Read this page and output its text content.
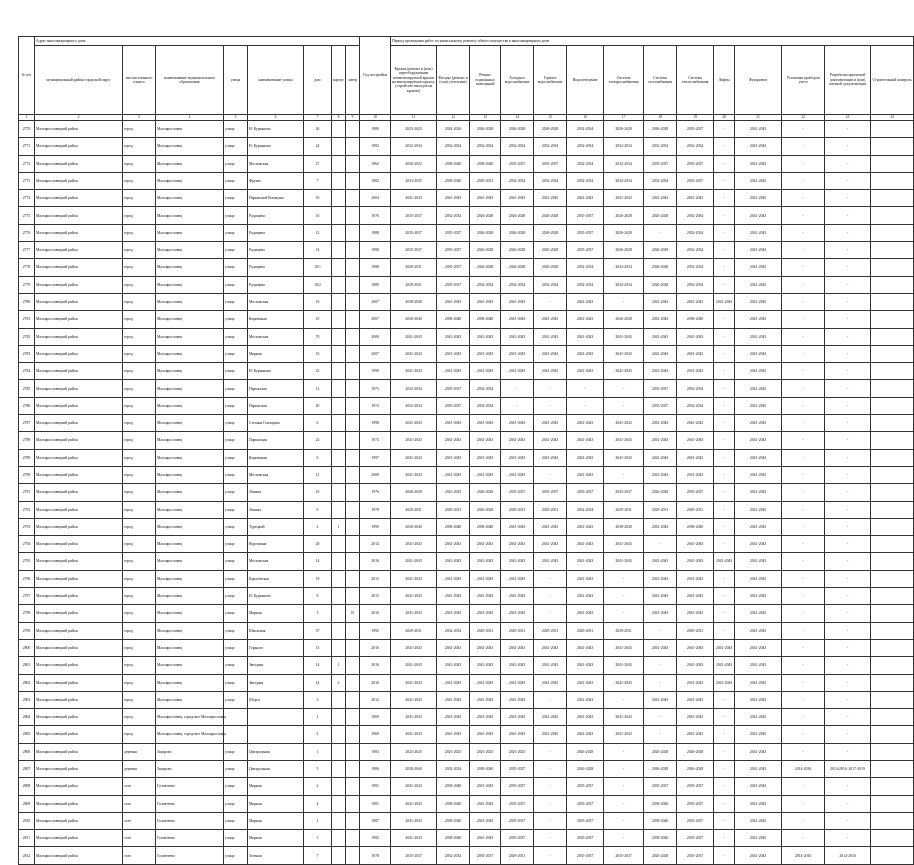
№ п/п	Адрес многоквартирного дома								Год постройки	Период проведения работ по капитальному ремонту общего имущества в многоквартирном доме													
	муниципальный район/городской округ	тип населенного пункта	наименование муниципального образования	улица	наименование улицы	дом	корпус	литер		Крыша (ремонт и (или) переоборудование невентилируемой крыши на вентилируемую крышу, устройство выходов на кровлю)	Фасады (ремонт и (или) утепление)	Ремонт подвальных помещений	Холодное водоснабжение	Горячее водоснабжение	Водоотведение	Система электроснабжения	Система газоснабжения	Система теплоснабжения	Лифты	Фундамент	Установка приборов учета	Разработка проектной документации и (или) сметной документации	Строительный контроль
1	2	3	4	5	6	7	8	9	10	11	12	13	14	15	16	17	18	19	20	21	22	23	24
2770	Малоярославецкий район	город	Малоярославец	улица	Н. Курьянова	26			1980	2023-2025	2024-2026	2026-2028	2026-2028	2026-2028	2032-2034	2026-2028	2026-2028	2035-2037	-	2041-2043	-	-	
2771	Малоярославецкий район	город	Малоярославец	улица	Н. Курьянова	24			1982	2032-2034	2032-2034	2032-2034	2032-2034	2032-2034	2032-2034	2032-2034	2032-2034	2032-2034	-	2041-2043	-	-	
2772	Малоярославецкий район	город	Малоярославец	улица	Московская	27			1962	2030-2032	2038-2040	2038-2040	2035-2037	2035-2037	2032-2034	2032-2034	2035-2037	2035-2037	-	2041-2043	-	-	
2773	Малоярославецкий район	город	Малоярославец	улица	Фрунзе	7			1982	2033-2035	2038-2040	2029-2031	2032-2034	2032-2034	2032-2034	2032-2034	2032-2034	2035-2037	-	2041-2043	-	-	
2774	Малоярославецкий район	город	Малоярославец	улица	Парижской Коммуны	10			2004	2041-2043	2041-2043	2041-2043	2041-2043	2041-2043	2041-2043	2041-2043	2041-2043	2041-2043	-	2041-2043	-	-	
2775	Малоярославецкий район	город	Малоярославец	улица	Радищева	10			1976	2035-2037	2032-2034	2026-2028	2026-2028	2026-2028	2035-2037	2026-2028	2026-2028	2032-2034	-	2041-2043	-	-	
2776	Малоярославецкий район	город	Малоярославец	улица	Радищева	12			1988	2035-2037	2035-2037	2026-2028	2026-2028	2026-2028	2035-2037	2026-2028	-	2032-2034	-	2041-2043	-	-	
2777	Малоярославецкий район	город	Малоярославец	улица	Радищева	14			1988	2035-2037	2035-2037	2026-2028	2026-2028	2026-2028	2035-2037	2026-2028	2026-2028	2032-2034	-	2041-2043	-	-	
2778	Малоярославецкий район	город	Малоярославец	улица	Радищева	10/1			1988	2029-2031	2035-2037	2026-2028	2026-2028	2026-2028	2032-2034	2032-2034	2026-2028	2032-2034	-	2041-2043	-	-	
2779	Малоярославецкий район	город	Малоярославец	улица	Радищева	10/2			1989	2029-2031	2035-2037	2032-2034	2032-2034	2032-2034	2032-2034	2032-2034	2026-2028	2032-2034	-	2041-2043	-	-	
2780	Малоярославецкий район	город	Малоярославец	улица	Московская	16			2007	2038-2040	2041-2043	2041-2043	2041-2043	-	2041-2043	-	2041-2043	2041-2043	2041-2043	2041-2043	-	-	
2781	Малоярославецкий район	город	Малоярославец	улица	Кирпичная	10			2007	2038-2040	2038-2040	2038-2040	2041-2043	2041-2043	2041-2043	2026-2028	2041-2043	2038-2040	-	2041-2043	-	-	
2782	Малоярославецкий район	город	Малоярославец	улица	Московская	70			2000	2041-2043	2041-2043	2041-2043	2041-2043	2041-2043	2041-2043	2041-2043	2041-2043	2041-2043	-	2041-2043	-	-	
2783	Малоярославецкий район	город	Малоярославец	улица	Мирная	10			2007	2041-2043	2041-2043	2041-2043	2041-2043	2041-2043	2041-2043	2041-2043	2041-2043	2041-2043	-	2041-2043	-	-	
2784	Малоярославецкий район	город	Малоярославец	улица	Н. Курьянова	23			1999	2041-2043	2041-2043	2041-2043	2041-2043	2041-2043	2041-2043	2041-2043	2041-2043	2041-2043	-	2041-2043	-	-	
2785	Малоярославецкий район	город	Малоярославец	улица	Парижская	12			1973	2032-2034	2035-2037	2032-2034	-	-	-	-	2035-2037	2032-2034	-	2041-2043	-	-	
2786	Малоярославецкий район	город	Малоярославец	улица	Парижская	20			1974	2032-2034	2035-2037	2032-2034	-	-	-	-	2035-2037	2032-2034	-	2041-2043	-	-	
2787	Малоярославецкий район	город	Малоярославец	улица	Степана Гончарова	6			1998	2041-2043	2041-2043	2041-2043	2041-2043	2041-2043	2041-2043	2041-2043	2041-2043	2041-2043	-	2041-2043	-	-	
2788	Малоярославецкий район	город	Малоярославец	улица	Парижская	22			1974	2041-2043	2041-2043	2041-2043	2041-2043	2041-2043	2041-2043	2041-2043	2041-2043	2041-2043	-	2041-2043	-	-	
2789	Малоярославецкий район	город	Малоярославец	улица	Кирпичная	6			1997	2041-2043	2041-2043	2041-2043	2041-2043	2041-2043	2041-2043	2041-2043	2041-2043	2041-2043	-	2041-2043	-	-	
2790	Малоярославецкий район	город	Малоярославец	улица	Московская	12			2008	2041-2043	2041-2043	2041-2043	2041-2043	-	2041-2043	-	2041-2043	2041-2043	-	2041-2043	-	-	
2791	Малоярославецкий район	город	Малоярославец	улица	Ленина	10			1976	2026-2028	2023-2025	2026-2028	2035-2037	2035-2037	2035-2037	2035-2037	2026-2028	2035-2037	-	2041-2043	-	-	
2792	Малоярославецкий район	город	Малоярославец	улица	Ленина	6			1978	2029-2031	2029-2031	2026-2028	2029-2031	2029-2031	2032-2034	2029-2031	2029-2031	2029-2031	-	2041-2043	-	-	
2793	Малоярославецкий район	город	Малоярославец	улица	Турецкий	2	1		1990	2038-2040	2038-2040	2038-2040	2041-2043	2041-2043	2041-2043	2038-2040	2041-2043	2038-2040	-	2041-2043	-	-	
2794	Малоярославецкий район	город	Малоярославец	улица	Курочкина	28			2014	2041-2043	2041-2043	2041-2043	2041-2043	2041-2043	2041-2043	2041-2043	-	2041-2043	-	2041-2043	-	-	
2795	Малоярославецкий район	город	Малоярославец	улица	Московская	14			2016	2041-2043	2041-2043	2041-2043	2041-2043	2041-2043	2041-2043	2041-2043	2041-2043	2041-2043	2041-2043	2041-2043	-	-	
2796	Малоярославецкий район	город	Малоярославец	улица	Карасёвская	19			2013	2041-2043	2041-2043	2041-2043	2041-2043	-	2041-2043	-	2041-2043	2041-2043	-	2041-2043	-	-	
2797	Малоярославецкий район	город	Малоярославец	улица	Н. Курьянова	9			2015	2041-2043	2041-2043	2041-2043	2041-2043	-	2041-2043	-	2041-2043	2041-2043	-	2041-2043	-	-	
2798	Малоярославецкий район	город	Малоярославец	улица	Мирная	3		В	2016	2041-2043	2041-2043	2041-2043	2041-2043	-	2041-2043	-	2041-2043	2041-2043	-	2041-2043	-	-	
2799	Малоярославецкий район	город	Малоярославец	улица	Школьная	37			1992	2029-2031	2032-2034	2029-2031	2029-2031	2029-2031	2029-2031	2029-2031	-	2029-2031	-	2041-2043	-	-	
2800	Малоярославецкий район	город	Малоярославец	улица	Горького	13			2016	2041-2043	2041-2043	2041-2043	2041-2043	2041-2043	2041-2043	2041-2043	2041-2043	2041-2043	2041-2043	2041-2043	-	-	
2801	Малоярославецкий район	город	Малоярославец	улица	Звездная	14	1		2016	2041-2043	2041-2043	2041-2043	2041-2043	2041-2043	2041-2043	2041-2043	-	2041-2043	2041-2043	2041-2043	-	-	
2802	Малоярославецкий район	город	Малоярославец	улица	Звездная	14	2		2016	2041-2043	2041-2043	2041-2043	2041-2043	2041-2043	2041-2043	2041-2043	-	2041-2043	2041-2043	2041-2043	-	-	
2803	Малоярославецкий район	город	Малоярославец	улица	Шорса	3			2012	2041-2043	2041-2043	2041-2043	2041-2043	-	2041-2043	-	2041-2043	2041-2043	-	2041-2043	-	-	
2804	Малоярославецкий район	город	Малоярославец, городское Малоярославец			1			1969	2041-2043	2041-2043	2041-2043	2041-2043	2041-2043	2041-2043	2041-2043	-	2041-2043	-	2041-2043	-	-	
2805	Малоярославецкий район	город	Малоярославец, городское Малоярославец			2			1969	2041-2043	2041-2043	2041-2043	2041-2043	2041-2043	2041-2043	2041-2043	-	2041-2043	-	2041-2043	-	-	
2806	Малоярославецкий район	деревня	Захарово	улица	Центральная	1			1983	2023-2025	2023-2025	2023-2025	2023-2025	-	2026-2028	-	2026-2028	2026-2028	-	2041-2043	-	-	
2807	Малоярославецкий район	деревня	Захарово	улица	Центральная	5			1986	2038-2040	2032-2034	2038-2040	2035-2037	-	2026-2028	-	2026-2028	2026-2028	-	2041-2043	2014-2016	2014-2016, 2017-2019	
2808	Малоярославецкий район	село	Головтеево	улица	Мирная	2			1981	2041-2043	2038-2040	2041-2043	2035-2037	-	2035-2037	-	2035-2037	2035-2037	-	2041-2043	-	-	
2809	Малоярославецкий район	село	Головтеево	улица	Мирная	4			1981	2041-2043	2038-2040	2041-2043	2035-2037	-	2035-2037	-	2038-2040	2035-2037	-	2041-2043	-	-	
2810	Малоярославецкий район	село	Головтеево	улица	Мирная	1			1987	2041-2043	2038-2040	2041-2043	2035-2037	-	2035-2037	-	2038-2040	2035-2037	-	2041-2043	-	-	
2811	Малоярославецкий район	село	Головтеево	улица	Мирная	3			1982	2041-2043	2038-2040	2041-2043	2035-2037	-	2035-2037	-	2038-2040	2035-2037	-	2041-2043	-	-	
2812	Малоярославецкий район	село	Головтеево	улица	Зеленая	7			1978	2035-2037	2032-2034	2035-2037	2029-2031	-	2035-2037	2035-2037	2026-2028	2035-2037	-	2041-2043	2014-2016	2014-2016	
